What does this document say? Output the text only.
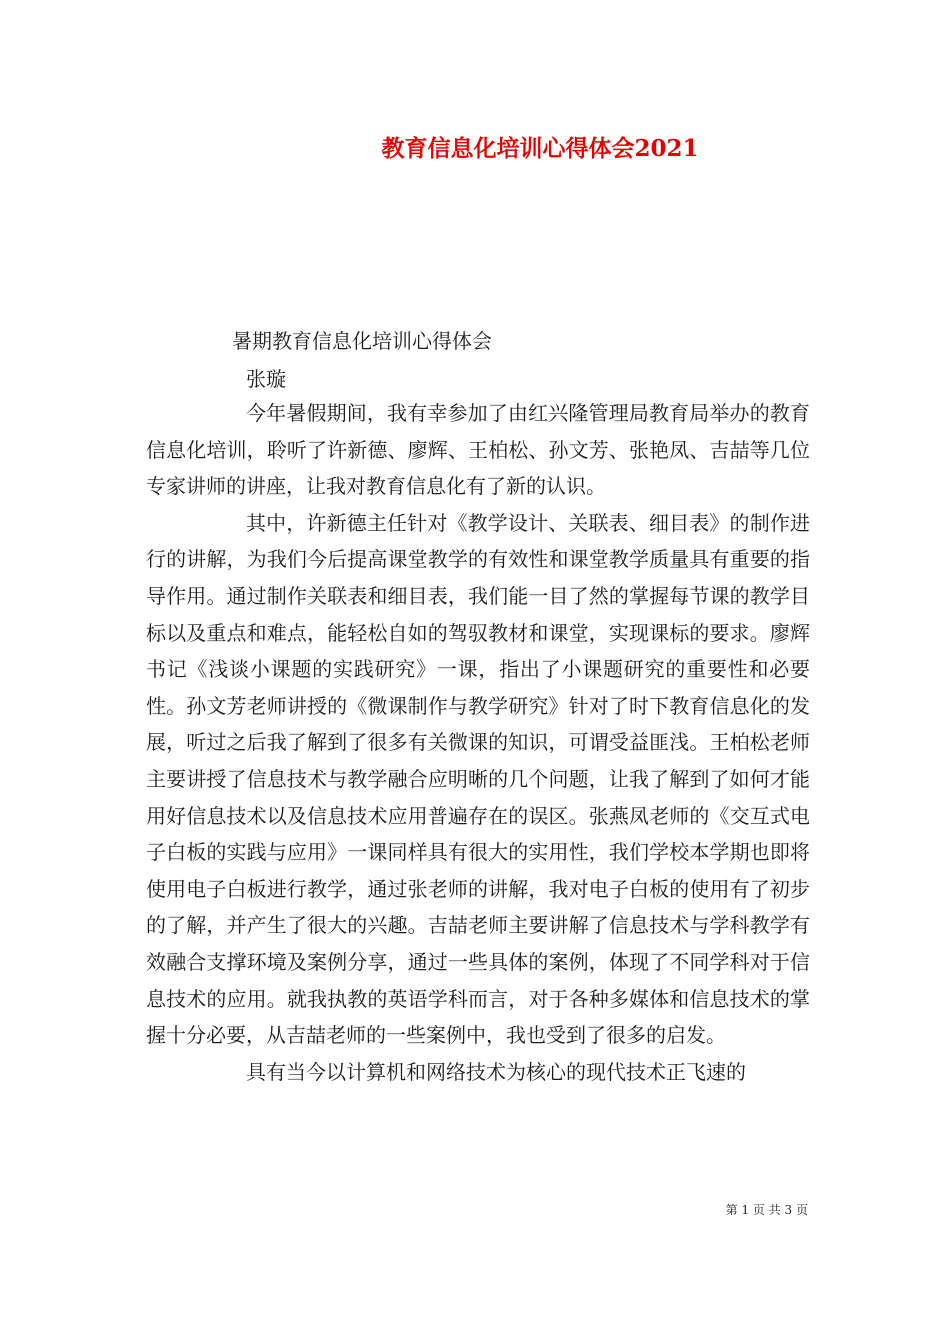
教育信息化培训心得体会2021
暑期教育信息化培训心得体会
张璇

今年暑假期间，我有幸参加了由红兴隆管理局教育局举办的教育信息化培训，聆听了许新德、廖辉、王柏松、孙文芳、张艳凤、吉喆等几位专家讲师的讲座，让我对教育信息化有了新的认识。

其中，许新德主任针对《教学设计、关联表、细目表》的制作进行的讲解，为我们今后提高课堂教学的有效性和课堂教学质量具有重要的指导作用。通过制作关联表和细目表，我们能一目了然的掌握每节课的教学目标以及重点和难点，能轻松自如的驾驭教材和课堂，实现课标的要求。廖辉书记《浅谈小课题的实践研究》一课，指出了小课题研究的重要性和必要性。孙文芳老师讲授的《微课制作与教学研究》针对了时下教育信息化的发展，听过之后我了解到了很多有关微课的知识，可谓受益匪浅。王柏松老师主要讲授了信息技术与教学融合应明晰的几个问题，让我了解到了如何才能用好信息技术以及信息技术应用普遍存在的误区。张燕凤老师的《交互式电子白板的实践与应用》一课同样具有很大的实用性，我们学校本学期也即将使用电子白板进行教学，通过张老师的讲解，我对电子白板的使用有了初步的了解，并产生了很大的兴趣。吉喆老师主要讲解了信息技术与学科教学有效融合支撑环境及案例分享，通过一些具体的案例，体现了不同学科对于信息技术的应用。就我执教的英语学科而言，对于各种多媒体和信息技术的掌握十分必要，从吉喆老师的一些案例中，我也受到了很多的启发。

具有当今以计算机和网络技术为核心的现代技术正飞速的

第 1 页 共 3 页
